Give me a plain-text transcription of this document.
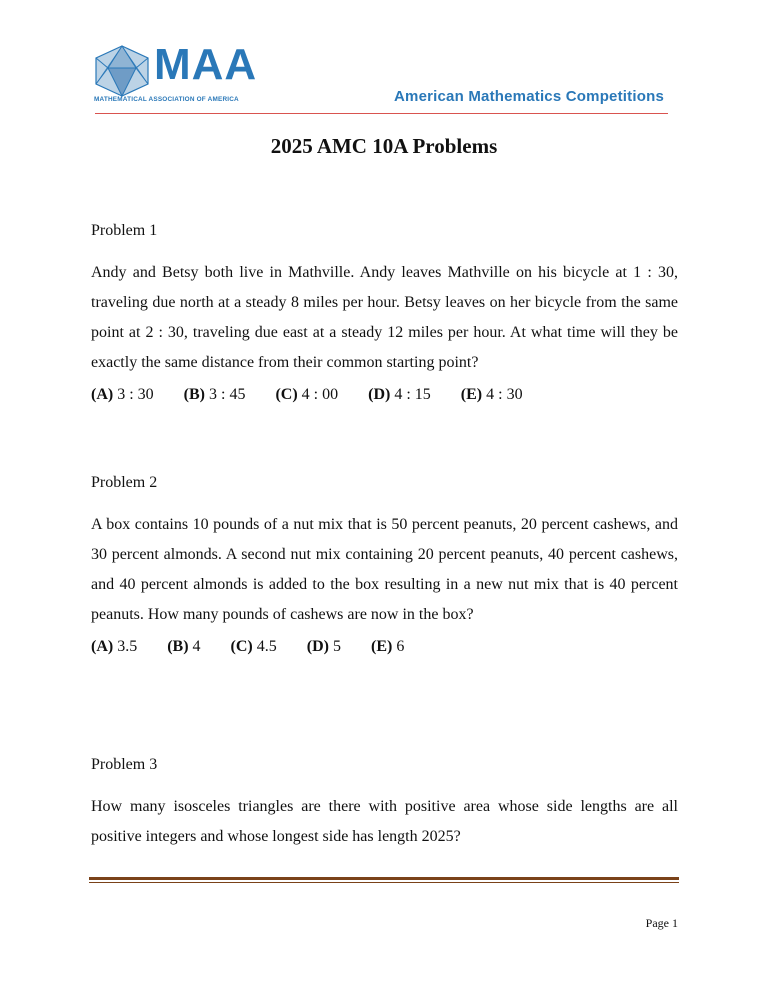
MAA
MATHEMATICAL ASSOCIATION OF AMERICA	American Mathematics Competitions
2025 AMC 10A Problems

Problem 1

Andy and Betsy both live in Mathville. Andy leaves Mathville on his bicycle at 1 : 30, traveling due north at a steady 8 miles per hour. Betsy leaves on her bicycle from the same point at 2 : 30, traveling due east at a steady 12 miles per hour. At what time will they be exactly the same distance from their common starting point?

(A) 3 : 30 (B) 3 : 45 (C) 4 : 00 (D) 4 : 15 (E) 4 : 30

Problem 2

A box contains 10 pounds of a nut mix that is 50 percent peanuts, 20 percent cashews, and 30 percent almonds. A second nut mix containing 20 percent peanuts, 40 percent cashews, and 40 percent almonds is added to the box resulting in a new nut mix that is 40 percent peanuts. How many pounds of cashews are now in the box?

(A) 3.5 (B) 4 (C) 4.5 (D) 5 (E) 6

Problem 3

How many isosceles triangles are there with positive area whose side lengths are all positive integers and whose longest side has length 2025?

Page 1
